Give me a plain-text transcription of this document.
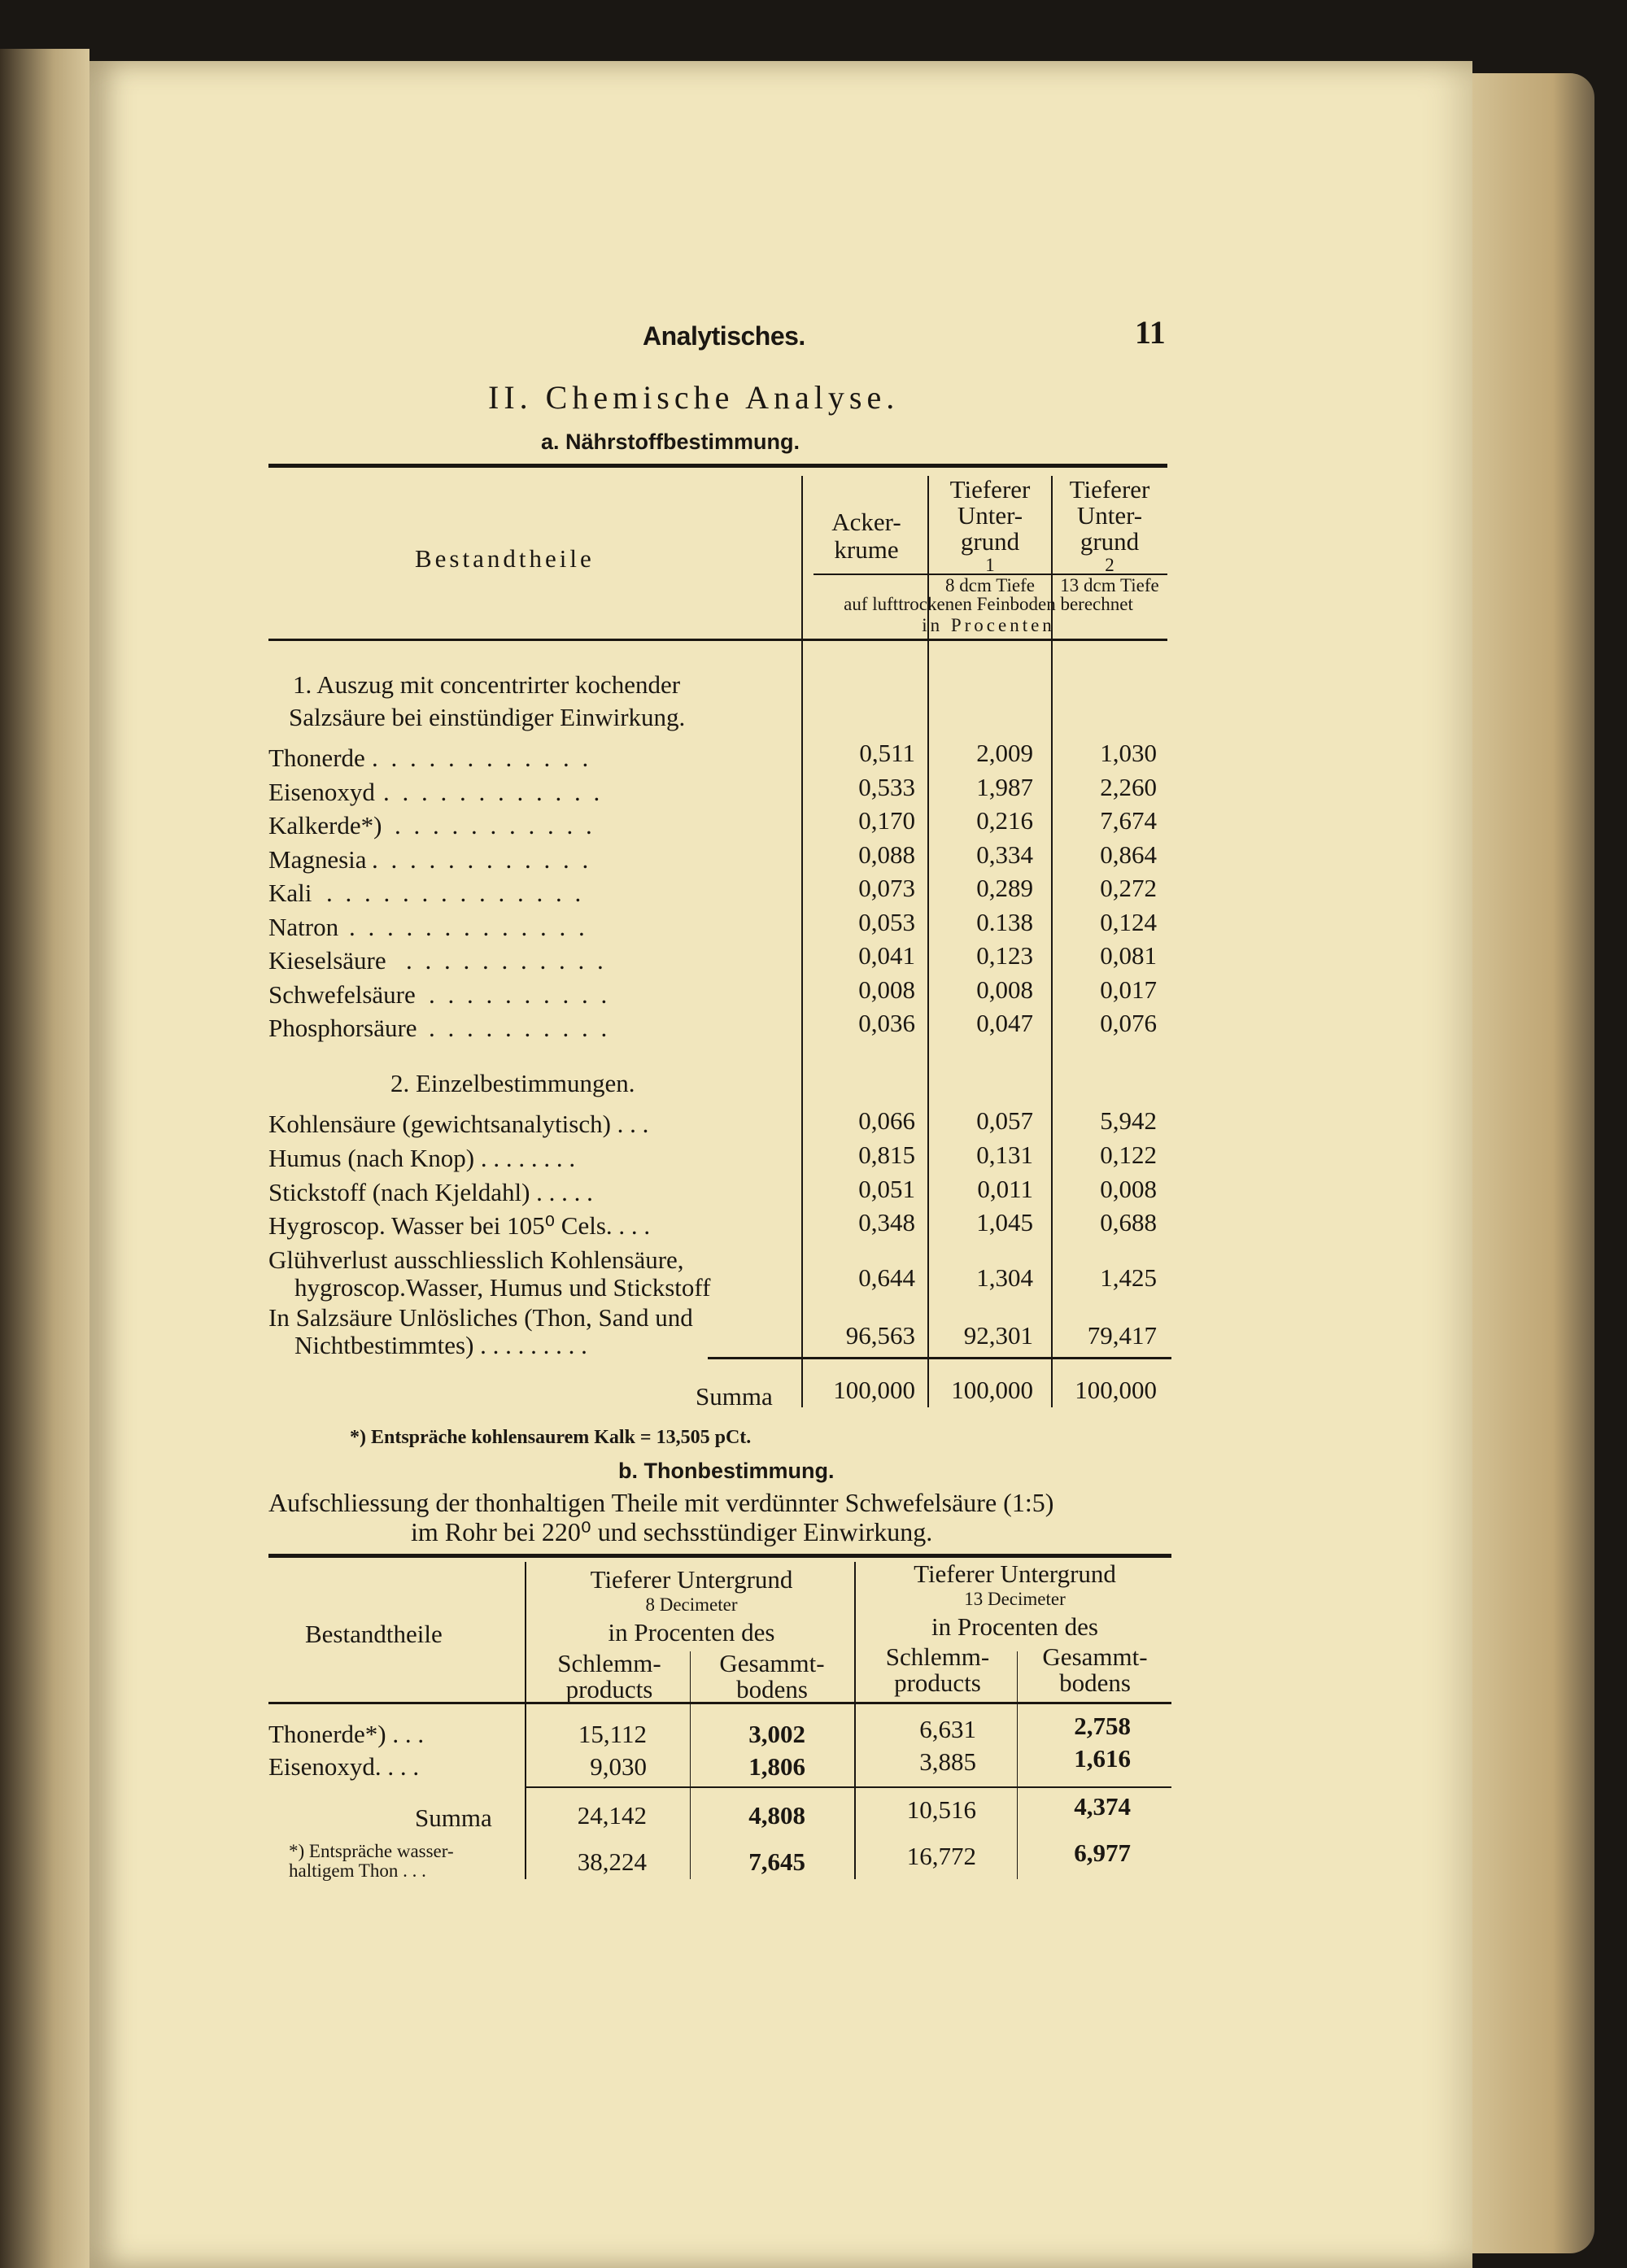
Analytisches.	11
II. Chemische Analyse.
a. Nährstoffbestimmung.
Bestandtheile
Acker-
krume
Tieferer
Unter-
grund
1
8 dcm Tiefe
Tieferer
Unter-
grund
2
13 dcm Tiefe
auf lufttrockenen Feinboden berechnet
in Procenten
1. Auszug mit concentrirter kochender
Salzsäure bei einstündiger Einwirkung.
Thonerde . . . . . . . . . . . .	0,511	2,009	1,030
Eisenoxyd . . . . . . . . . . . .	0,533	1,987	2,260
Kalkerde*) . . . . . . . . . . .	0,170	0,216	7,674
Magnesia . . . . . . . . . . . .	0,088	0,334	0,864
Kali . . . . . . . . . . . . . .	0,073	0,289	0,272
Natron . . . . . . . . . . . . .	0,053	0.138	0,124
Kieselsäure . . . . . . . . . . .	0,041	0,123	0,081
Schwefelsäure . . . . . . . . . .	0,008	0,008	0,017
Phosphorsäure . . . . . . . . . .	0,036	0,047	0,076
2. Einzelbestimmungen.
Kohlensäure (gewichtsanalytisch) . . .	0,066	0,057	5,942
Humus (nach Knop) . . . . . . . .	0,815	0,131	0,122
Stickstoff (nach Kjeldahl) . . . . .	0,051	0,011	0,008
Hygroscop. Wasser bei 105⁰ Cels. . . .	0,348	1,045	0,688
Glühverlust ausschliesslich Kohlensäure,
hygroscop.Wasser, Humus und Stickstoff	0,644	1,304	1,425
In Salzsäure Unlösliches (Thon, Sand und
Nichtbestimmtes) . . . . . . . . .	96,563	92,301	79,417
Summa	100,000	100,000	100,000
*) Entspräche kohlensaurem Kalk = 13,505 pCt.
b. Thonbestimmung.
Aufschliessung der thonhaltigen Theile mit verdünnter Schwefelsäure (1:5)
im Rohr bei 220⁰ und sechsstündiger Einwirkung.
Bestandtheile
Tieferer Untergrund
8 Decimeter
in Procenten des
Schlemm-
products
Gesammt-
bodens
Tieferer Untergrund
13 Decimeter
in Procenten des
Schlemm-
products
Gesammt-
bodens
Thonerde*) . . .	15,112	3,002	6,631	2,758
Eisenoxyd. . . .	9,030	1,806	3,885	1,616
Summa	24,142	4,808	10,516	4,374
*) Entspräche wasser-
haltigem Thon . . .	38,224	7,645	16,772	6,977
